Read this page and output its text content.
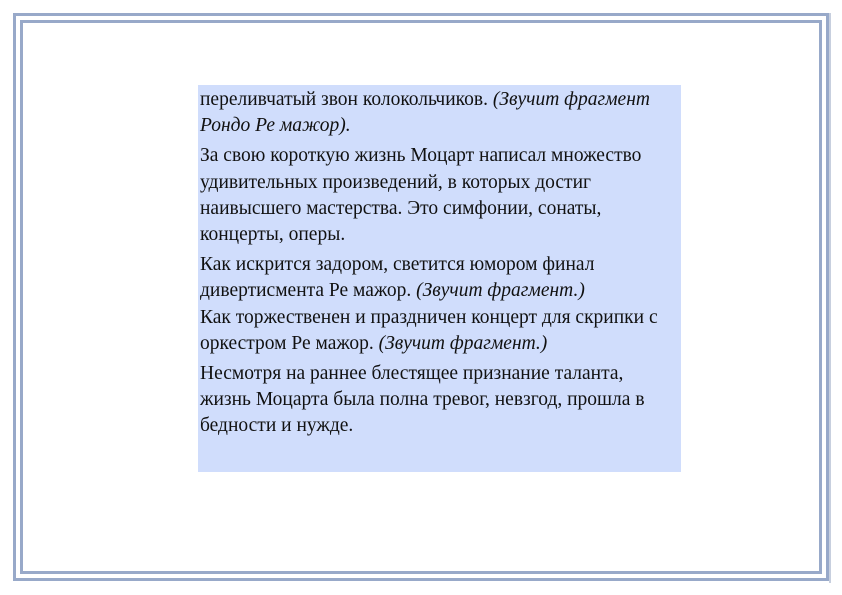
переливчатый звон колокольчиков. (Звучит фрагмент Рондо Ре мажор).

За свою короткую жизнь Моцарт написал множество удивительных произведений, в которых достиг наивысшего мастерства. Это симфонии, сонаты, концерты, оперы.

Как искрится задором, светится юмором финал дивертисмента Ре мажор. (Звучит фрагмент.)
Как торжественен и праздничен концерт для скрипки с оркестром Ре мажор. (Звучит фрагмент.)

Несмотря на раннее блестящее признание таланта, жизнь Моцарта была полна тревог, невзгод, прошла в бедности и нужде.
